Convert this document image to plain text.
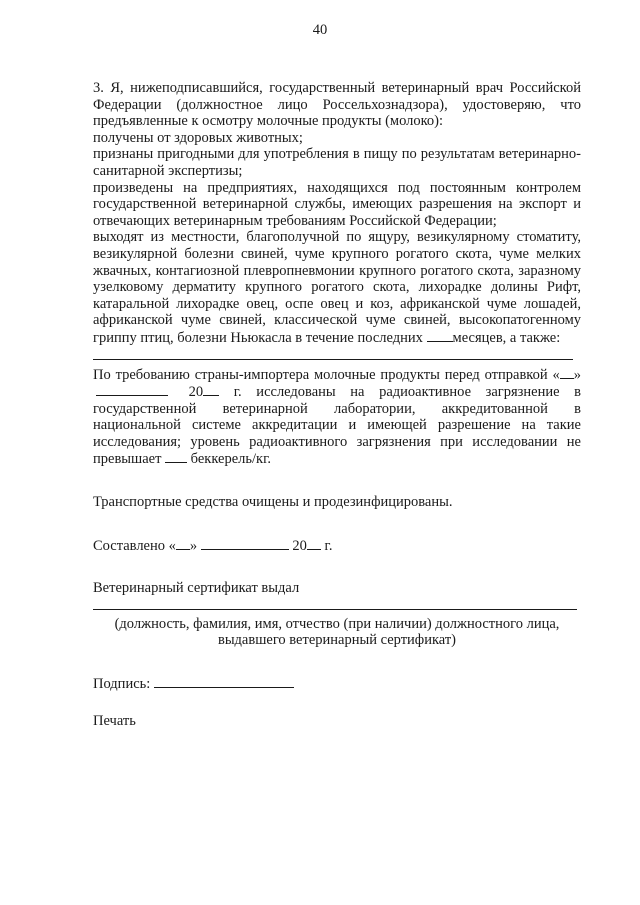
40

3. Я, нижеподписавшийся, государственный ветеринарный врач Российской Федерации (должностное лицо Россельхознадзора), удостоверяю, что предъявленные к осмотру молочные продукты (молоко):

получены от здоровых животных;

признаны пригодными для употребления в пищу по результатам ветеринарно-санитарной экспертизы;

произведены на предприятиях, находящихся под постоянным контролем государственной ветеринарной службы, имеющих разрешения на экспорт и отвечающих ветеринарным требованиям Российской Федерации;

выходят из местности, благополучной по ящуру, везикулярному стоматиту, везикулярной болезни свиней, чуме крупного рогатого скота, чуме мелких жвачных, контагиозной плевропневмонии крупного рогатого скота, заразному узелковому дерматиту крупного рогатого скота, лихорадке долины Рифт, катаральной лихорадке овец, оспе овец и коз, африканской чуме лошадей, африканской чуме свиней, классической чуме свиней, высокопатогенному гриппу птиц, болезни Ньюкасла в течение последних месяцев, а также:

По требованию страны-импортера молочные продукты перед отправкой « » 20 г. исследованы на радиоактивное загрязнение в государственной ветеринарной лаборатории, аккредитованной в национальной системе аккредитации и имеющей разрешение на такие исследования; уровень радиоактивного загрязнения при исследовании не превышает беккерель/кг.

Транспортные средства очищены и продезинфицированы.

Составлено « »	20 г.

Ветеринарный сертификат выдал

(должность, фамилия, имя, отчество (при наличии) должностного лица, выдавшего ветеринарный сертификат)

Подпись:

Печать
